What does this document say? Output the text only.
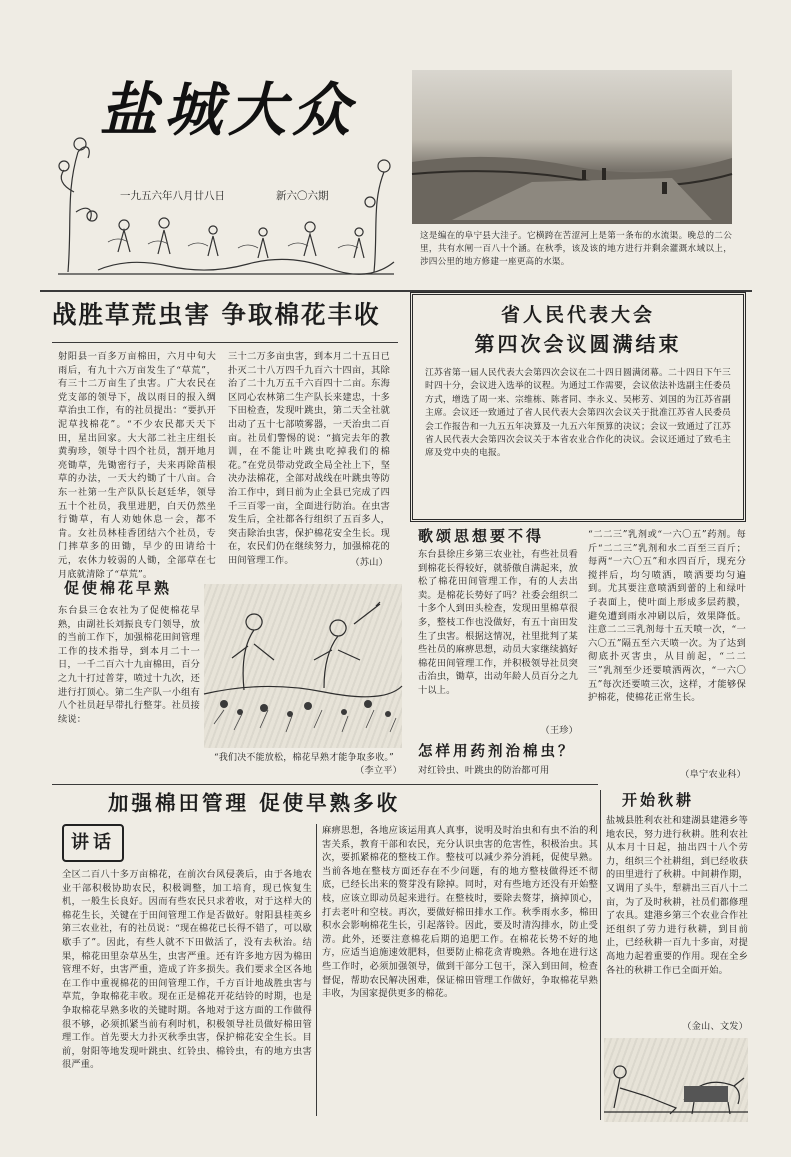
盐城大众
一九五六年八月廿八日	新六〇六期
这是编在的阜宁县大洼子。它横跨在苦涩河上是第一条布的水流渠。晚总的二公里，共有水闸一百八十个涵。在秋季，该及该的地方进行并剩余灌溉水域以上，涉四公里的地方修建一座更高的水渠。
战胜草荒虫害 争取棉花丰收
射阳县一百多万亩棉田，六月中旬大雨后，有九十六万亩发生了“草荒”，有三十二万亩生了虫害。广大农民在党支部的领导下，战以雨日的报入绸草治虫工作，有的社员提出：“要扒开泥草找棉花”。“不少农民都天天下田，星出回家。大大部二社主庄组长黄驹珍，领导十四个社员，割开地月亮锄草，先锄密行子，夫来再除苗根草的办法，一天大约锄了十八亩。合东一社第一生产队队长赵廷华，领导五十个社员，我里进肥，白天仍然坐行锄草，有人劝她休息一会，都不肯。女社员林桂香团结六个社员，专门摔草多的田锄，早少的田请给十元，农休力较弱的人锄，全部草在七月底就清除了“草荒”。
三十二万多亩虫害，到本月二十五日已扑灭二十八万四千九百六十四亩，其除治了二十九万五千六百四十二亩。东海区同心农林第二生产队长来建忠，十多下田检查，发现叶跳虫，第二天全社就出动了五十七部喷雾器，一天治虫二百亩。社员们警惕的说：“搞完去年的教训，在不能让叶跳虫吃掉我们的棉花。”在党员带动党政全局全社上下，坚决办法棉花，全部对战线在叶跳虫等防治工作中，到日前为止全县已完成了四千三百零一亩，全面进行防治。在虫害发生后，全社都各行组织了五百多人，突击除治虫害，保护棉花安全生长。现在，农民们仍在继续努力，加强棉花的田间管理工作。	（苏山）
省人民代表大会
第四次会议圆满结束
江苏省第一届人民代表大会第四次会议在二十四日圆满闭幕。二十四日下午三时四十分，会议进入选举的议程。为通过工作需要，会议依法补选副主任委员方式，增选了周一来、宗维栋、陈者同、李永义、吴彬芳、刘国的为江苏省副主席。会议还一致通过了省人民代表大会第四次会议关于批准江苏省人民委员会工作报告和一九五五年决算及一九五六年预算的决议；会议一致通过了江苏省人民代表大会第四次会议关于本省农业合作化的决议。会议还通过了致毛主席及党中央的电报。
歌颂思想要不得
东台县徐庄乡第三农业社，有些社员看到棉花长得较好，就骄傲自满起来，放松了棉花田间管理工作，有的人去出卖。是棉花长势好了吗？社委会组织二十多个人到田头检查，发现田里棉草很多，整枝工作也没做好，有五十亩田发生了虫害。根据这情况，社里批判了某些社员的麻痹思想，动员大家继续搞好棉花田间管理工作，并积极领导社员突击治虫，锄草，出动年龄人员百分之九十以上。
（王珍）
“二二三”乳剂或“一六〇五”药剂。每斤“二二三”乳剂和水二百至三百斤；每两“一六〇五”和水四百斤，现充分搅拌后，均匀喷洒，喷洒要均匀遍到。尤其要注意喷洒到蕾的上和绿叶子表面上，使叶面上形成多层药膜，避免遭到雨水冲刷以后，效果降低。注意二二三乳剂每十五天喷一次，“一六〇五”隔五至六天喷一次。为了达到彻底扑灭害虫，从目前起，“二二三”乳剂至少还要喷洒两次，“一六〇五”每次还要喷三次，这样，才能够保护棉花，使棉花正常生长。
（阜宁农业科）
怎样用药剂治棉虫？
对红铃虫、叶跳虫的防治都可用
促使棉花早熟
东台县三仓农社为了促使棉花早熟，由副社长刘振良专门领导，放的当前工作下，加强棉花田间管理工作的技术指导，到本月二十一日，一千二百六十九亩棉田，百分之九十打过普芽，喷过十九次，还进行打顶心。第二生产队一小组有八个社员赶早带扎行整芽。社员接续说：
“我们决不能放松，棉花早熟才能争取多收。”
（李立平）
开始秋耕
盐城县胜利农社和建湖县建港乡等地农民，努力进行秋耕。胜利农社从本月十日起，抽出四十八个劳力，组织三个社耕组，到已经收获的田里进行了秋耕。中间耕作期，又调用了头牛，犁耕出三百八十二亩，为了及时秋耕，社员们都修理了农具。建港乡第三个农业合作社还组织了劳力进行秋耕，到目前止，已经秋耕一百九十多亩，对提高地力起着重要的作用。现在全乡各社的秋耕工作已全面开始。
（金山、文发）
加强棉田管理 促使早熟多收
讲话
全区二百八十多万亩棉花，在前次台风侵袭后，由于各地农业干部积极协助农民，积极调整，加工培育，现已恢复生机，一般生长良好。因而有些农民只求着收，对于这样大的棉花生长，关键在于田间管理工作是否做好。射阳县桂英乡第三农业社，有的社员说：“现在棉花已长得不错了，可以歇歇手了”。因此，有些人就不下田做活了，没有去秋治。结果，棉花田里杂草丛生，虫害严重。还有许多地方因为棉田管理不好，虫害严重，造成了许多损失。我们要求全区各地在工作中重视棉花的田间管理工作，千方百计地战胜虫害与草荒，争取棉花丰收。现在正是棉花开花结铃的时期，也是争取棉花早熟多收的关键时期。各地对于这方面的工作做得很不够，必须抓紧当前有利时机，积极领导社员做好棉田管理工作。首先要大力扑灭秋季虫害，保护棉花安全生长。目前，射阳等地发现叶跳虫、红铃虫、棉铃虫，有的地方虫害很严重。
麻痹思想，各地应该运用真人真事，说明及时治虫和有虫不治的利害关系，教育干部和农民，充分认识虫害的危害性，积极治虫。其次，要抓紧棉花的整枝工作。整枝可以减少养分消耗，促使早熟。当前各地在整枝方面还存在不少问题，有的地方整枝做得还不彻底，已经长出来的赘芽没有除掉。同时，对有些地方还没有开始整枝，应该立即动员起来进行。在整枝时，要除去赘芽，摘掉顶心，打去老叶和空枝。再次，要做好棉田排水工作。秋季雨水多，棉田积水会影响棉花生长，引起落铃。因此，要及时清沟排水，防止受涝。此外，还要注意棉花后期的追肥工作。在棉花长势不好的地方，应适当追施速效肥料，但要防止棉花贪青晚熟。各地在进行这些工作时，必须加强领导，做到干部分工包干，深入到田间，检查督促，帮助农民解决困难，保证棉田管理工作做好，争取棉花早熟丰收，为国家提供更多的棉花。
